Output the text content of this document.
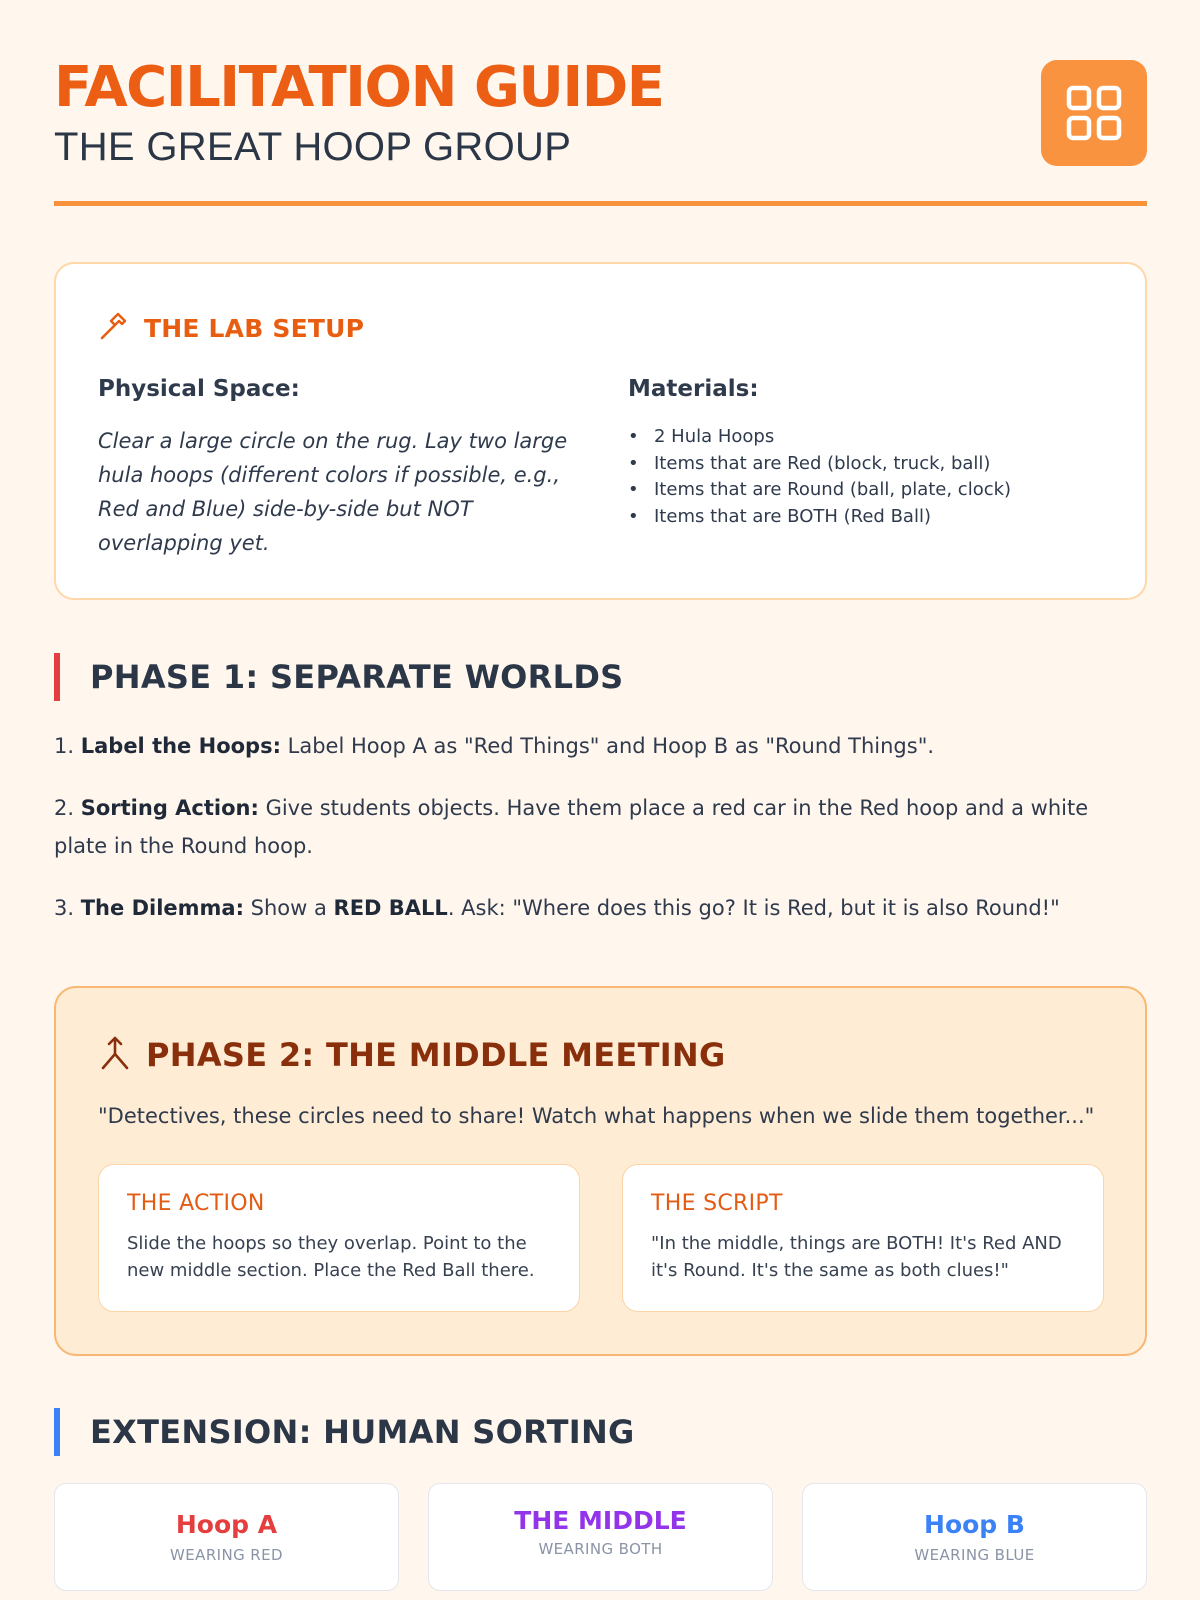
FACILITATION GUIDE
THE GREAT HOOP GROUP
THE LAB SETUP
Physical Space:
Clear a large circle on the rug. Lay two large hula hoops (different colors if possible, e.g., Red and Blue) side-by-side but NOT overlapping yet.
Materials:
• 2 Hula Hoops
• Items that are Red (block, truck, ball)
• Items that are Round (ball, plate, clock)
• Items that are BOTH (Red Ball)
PHASE 1: SEPARATE WORLDS
1. Label the Hoops: Label Hoop A as "Red Things" and Hoop B as "Round Things".
2. Sorting Action: Give students objects. Have them place a red car in the Red hoop and a white plate in the Round hoop.
3. The Dilemma: Show a RED BALL. Ask: "Where does this go? It is Red, but it is also Round!"
PHASE 2: THE MIDDLE MEETING
"Detectives, these circles need to share! Watch what happens when we slide them together..."
THE ACTION
Slide the hoops so they overlap. Point to the new middle section. Place the Red Ball there.
THE SCRIPT
"In the middle, things are BOTH! It's Red AND it's Round. It's the same as both clues!"
EXTENSION: HUMAN SORTING
Hoop A
WEARING RED
THE MIDDLE
WEARING BOTH
Hoop B
WEARING BLUE
